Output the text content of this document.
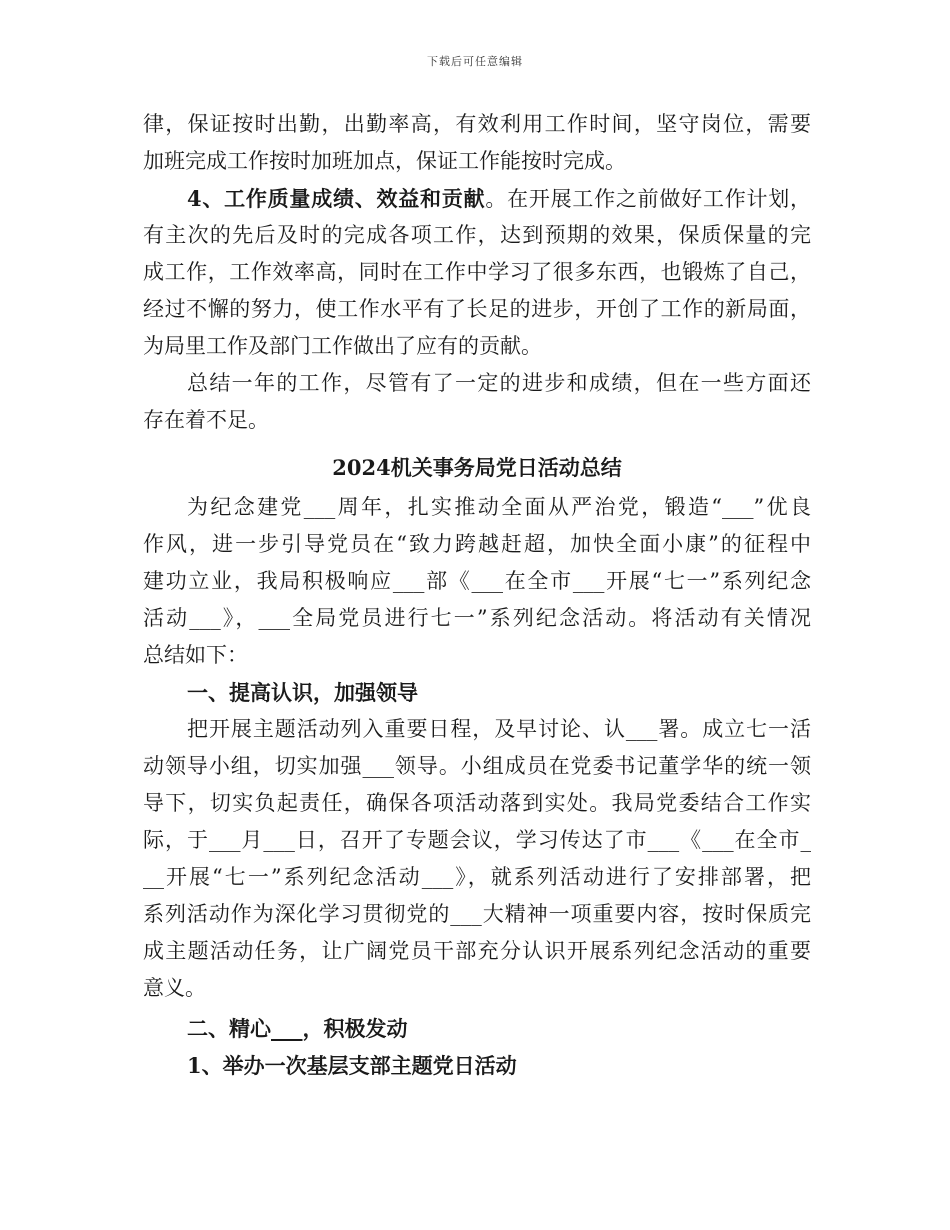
下载后可任意编辑
律，保证按时出勤，出勤率高，有效利用工作时间，坚守岗位，需要
加班完成工作按时加班加点，保证工作能按时完成。
4、工作质量成绩、效益和贡献。在开展工作之前做好工作计划，
有主次的先后及时的完成各项工作，达到预期的效果，保质保量的完
成工作，工作效率高，同时在工作中学习了很多东西，也锻炼了自己，
经过不懈的努力，使工作水平有了长足的进步，开创了工作的新局面，
为局里工作及部门工作做出了应有的贡献。
总结一年的工作，尽管有了一定的进步和成绩，但在一些方面还
存在着不足。
2024机关事务局党日活动总结
为纪念建党___周年，扎实推动全面从严治党，锻造“___”优良
作风，进一步引导党员在“致力跨越赶超，加快全面小康”的征程中
建功立业，我局积极响应___部《___在全市___开展“七一”系列纪念
活动___》，___全局党员进行七一”系列纪念活动。将活动有关情况
总结如下：
一、提高认识，加强领导
把开展主题活动列入重要日程，及早讨论、认___署。成立七一活
动领导小组，切实加强___领导。小组成员在党委书记董学华的统一领
导下，切实负起责任，确保各项活动落到实处。我局党委结合工作实
际，于___月___日，召开了专题会议，学习传达了市___《___在全市_
__开展“七一”系列纪念活动___》，就系列活动进行了安排部署，把
系列活动作为深化学习贯彻党的___大精神一项重要内容，按时保质完
成主题活动任务，让广阔党员干部充分认识开展系列纪念活动的重要
意义。
二、精心___，积极发动
1、举办一次基层支部主题党日活动
